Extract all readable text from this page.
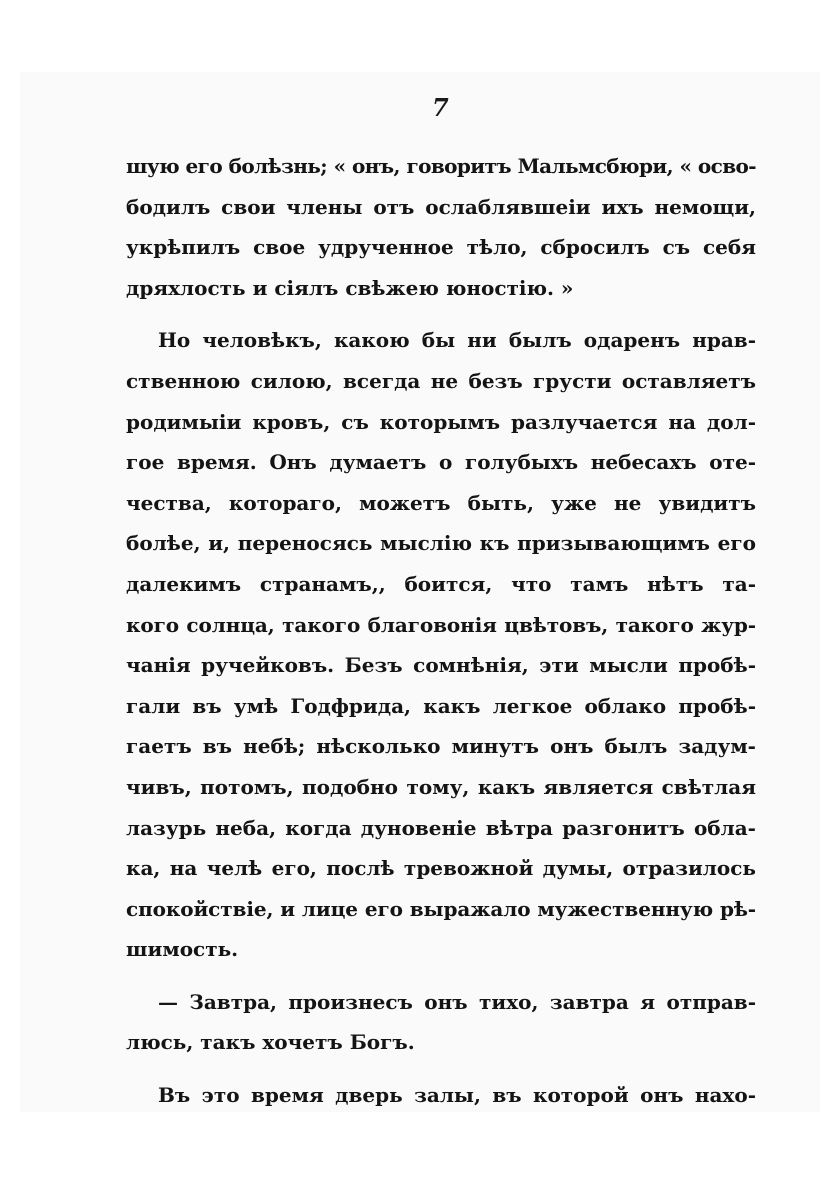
7
шую его болѣзнь; « онъ, говоритъ Мальмсбюри, « осво-
бодилъ свои члены отъ ослаблявшеiи ихъ немощи,
укрѣпилъ свое удрученное тѣло, сбросилъ съ себя
дряхлость и сiялъ свѣжею юностiю. »
Но человѣкъ, какою бы ни былъ одаренъ нрав-
ственною силою, всегда не безъ грусти оставляетъ
родимыiи кровъ, съ которымъ разлучается на дол-
гое время. Онъ думаетъ о голубыхъ небесахъ оте-
чества, котораго, можетъ быть, уже не увидитъ
болѣе, и, переносясь мыслiю къ призывающимъ его
далекимъ странамъ,, боится, что тамъ нѣтъ та-
кого солнца, такого благовонiя цвѣтовъ, такого жур-
чанiя ручейковъ. Безъ сомнѣнiя, эти мысли пробѣ-
гали въ умѣ Годфрида, какъ легкое облако пробѣ-
гаетъ въ небѣ; нѣсколько минутъ онъ былъ задум-
чивъ, потомъ, подобно тому, какъ является свѣтлая
лазурь неба, когда дуновенiе вѣтра разгонитъ обла-
ка, на челѣ его, послѣ тревожной думы, отразилось
спокойствiе, и лице его выражало мужественную рѣ-
шимость.
— Завтра, произнесъ онъ тихо, завтра я отправ-
люсь, такъ хочетъ Богъ.
Въ это время дверь залы, въ которой онъ нахо-
